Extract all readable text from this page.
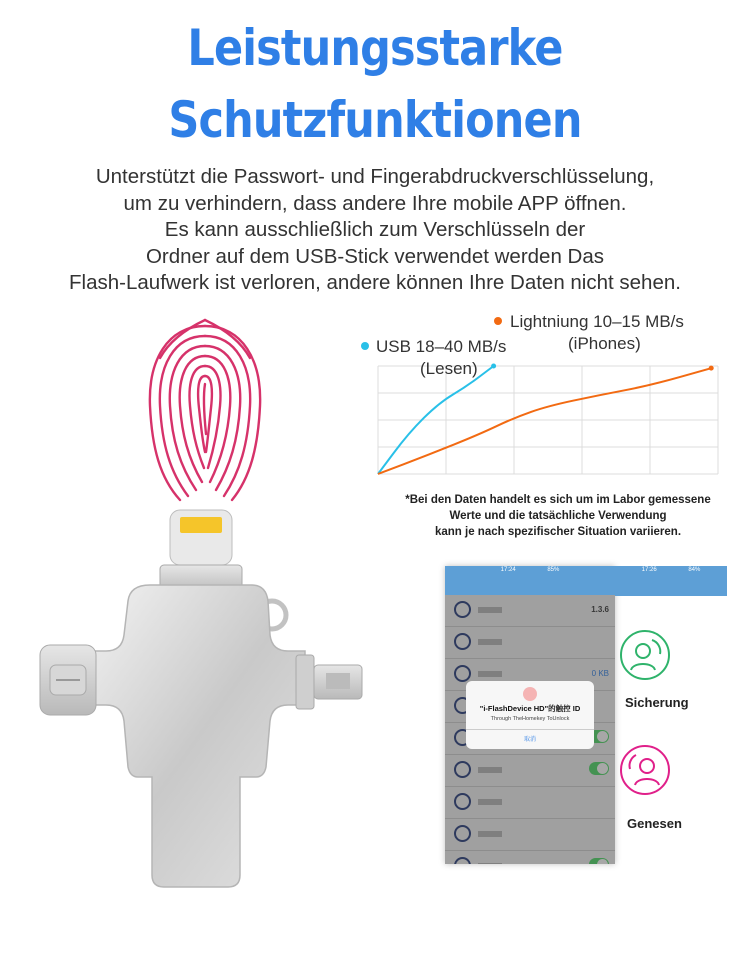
Leistungsstarke
Schutzfunktionen
Unterstützt die Passwort- und Fingerabdruckverschlüsselung,
um zu verhindern, dass andere Ihre mobile APP öffnen.
Es kann ausschließlich zum Verschlüsseln der
Ordner auf dem USB-Stick verwendet werden Das
Flash-Laufwerk ist verloren, andere können Ihre Daten nicht sehen.
USB 18–40 MB/s
(Lesen)
Lightniung 10–15 MB/s
(iPhones)
*Bei den Daten handelt es sich um im Labor gemessene
Werte und die tatsächliche Verwendung
kann je nach spezifischer Situation variieren.
17:24	85%
1.3.6
0 KB
"i-FlashDevice HD"的触控 ID
Through TheHomekey ToUnlock
取消
17:26	84%
Sicherung
Genesen
